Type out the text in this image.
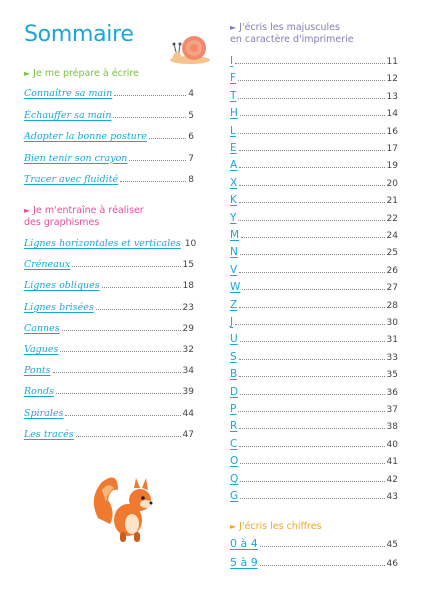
Sommaire
► Je me prépare à écrire
Connaître sa main	4
Échauffer sa main	5
Adopter la bonne posture	6
Bien tenir son crayon	7
Tracer avec fluidité	8
► Je m'entraîne à réaliser
des graphismes
Lignes horizontales et verticales 10
Créneaux	15
Lignes obliques	18
Lignes brisées	23
Cannes	29
Vagues	32
Ponts	34
Ronds	39
Spirales	44
Les tracés	47
► J'écris les majuscules
en caractère d'imprimerie
I	11
F	12
T	13
H	14
L	16
E	17
A	19
X	20
K	21
Y	22
M	24
N	25
V	26
W	27
Z	28
J	30
U	31
S	33
B	35
D	36
P	37
R	38
C	40
O	41
Q	42
G	43
► J'écris les chiffres
0 à 4	45
5 à 9	46
